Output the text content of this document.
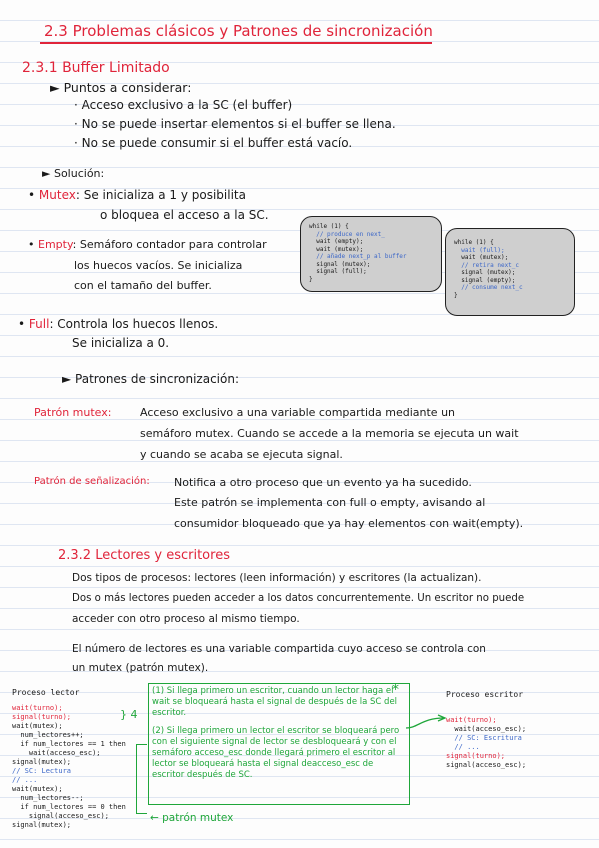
2.3 Problemas clásicos y Patrones de sincronización
2.3.1 Buffer Limitado
► Puntos a considerar:
· Acceso exclusivo a la SC (el buffer)
· No se puede insertar elementos si el buffer se llena.
· No se puede consumir si el buffer está vacío.
► Solución:
• Mutex: Se inicializa a 1 y posibilita
o bloquea el acceso a la SC.
• Empty: Semáforo contador para controlar
los huecos vacíos. Se inicializa
con el tamaño del buffer.
while (1) {
// produce en next_
wait (empty);
wait (mutex);
// añade next_p al buffer
signal (mutex);
signal (full);
}
while (1) {
wait (full);
wait (mutex);
// retira next_c
signal (mutex);
signal (empty);
// consume next_c
}
• Full: Controla los huecos llenos.
Se inicializa a 0.
► Patrones de sincronización:
Patrón mutex:	Acceso exclusivo a una variable compartida mediante un
semáforo mutex. Cuando se accede a la memoria se ejecuta un wait
y cuando se acaba se ejecuta signal.
Patrón de señalización: Notifica a otro proceso que un evento ya ha sucedido.
Este patrón se implementa con full o empty, avisando al
consumidor bloqueado que ya hay elementos con wait(empty).
2.3.2 Lectores y escritores
Dos tipos de procesos: lectores (leen información) y escritores (la actualizan).
Dos o más lectores pueden acceder a los datos concurrentemente. Un escritor no puede
acceder con otro proceso al mismo tiempo.
El número de lectores es una variable compartida cuyo acceso se controla con
un mutex (patrón mutex).
Proceso lector
wait(turno);
signal(turno);
wait(mutex);
num_lectores++;
if num_lectores == 1 then
wait(acceso_esc);
signal(mutex);
// SC: Lectura
// ...
wait(mutex);
num_lectores--;
if num_lectores == 0 then
signal(acceso_esc);
signal(mutex);
Proceso escritor
wait(turno);
wait(acceso_esc);
// SC: Escritura
// ...
signal(turno);
signal(acceso_esc);
(1) Si llega primero un escritor, cuando un lector haga el wait se bloqueará hasta el signal de después de la SC del escritor.
(2) Si llega primero un lector el escritor se bloqueará pero con el siguiente signal de lector se desbloqueará y con el semáforo acceso_esc donde llegará primero el escritor al lector se bloqueará hasta el signal deacceso_esc de escritor después de SC.
*
} 4
← patrón mutex
